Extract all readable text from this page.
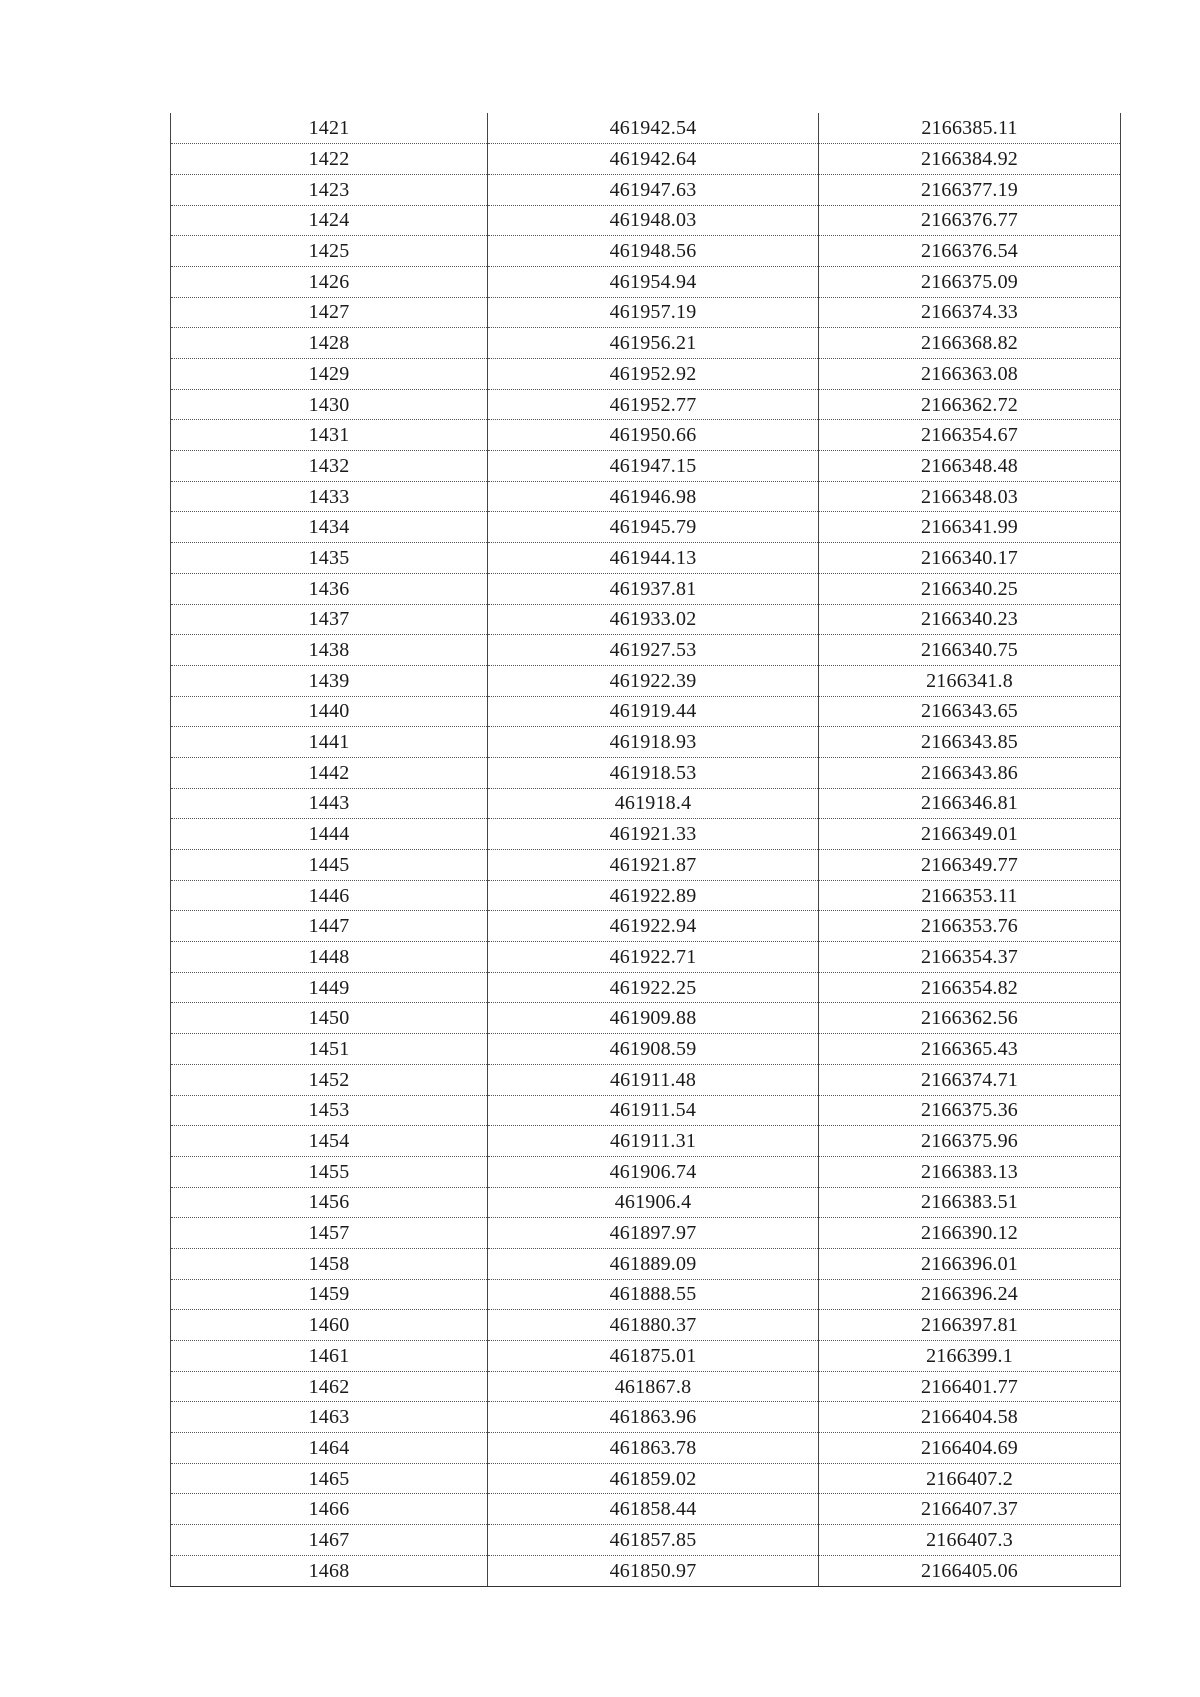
1421	461942.54	2166385.11
1422	461942.64	2166384.92
1423	461947.63	2166377.19
1424	461948.03	2166376.77
1425	461948.56	2166376.54
1426	461954.94	2166375.09
1427	461957.19	2166374.33
1428	461956.21	2166368.82
1429	461952.92	2166363.08
1430	461952.77	2166362.72
1431	461950.66	2166354.67
1432	461947.15	2166348.48
1433	461946.98	2166348.03
1434	461945.79	2166341.99
1435	461944.13	2166340.17
1436	461937.81	2166340.25
1437	461933.02	2166340.23
1438	461927.53	2166340.75
1439	461922.39	2166341.8
1440	461919.44	2166343.65
1441	461918.93	2166343.85
1442	461918.53	2166343.86
1443	461918.4	2166346.81
1444	461921.33	2166349.01
1445	461921.87	2166349.77
1446	461922.89	2166353.11
1447	461922.94	2166353.76
1448	461922.71	2166354.37
1449	461922.25	2166354.82
1450	461909.88	2166362.56
1451	461908.59	2166365.43
1452	461911.48	2166374.71
1453	461911.54	2166375.36
1454	461911.31	2166375.96
1455	461906.74	2166383.13
1456	461906.4	2166383.51
1457	461897.97	2166390.12
1458	461889.09	2166396.01
1459	461888.55	2166396.24
1460	461880.37	2166397.81
1461	461875.01	2166399.1
1462	461867.8	2166401.77
1463	461863.96	2166404.58
1464	461863.78	2166404.69
1465	461859.02	2166407.2
1466	461858.44	2166407.37
1467	461857.85	2166407.3
1468	461850.97	2166405.06
